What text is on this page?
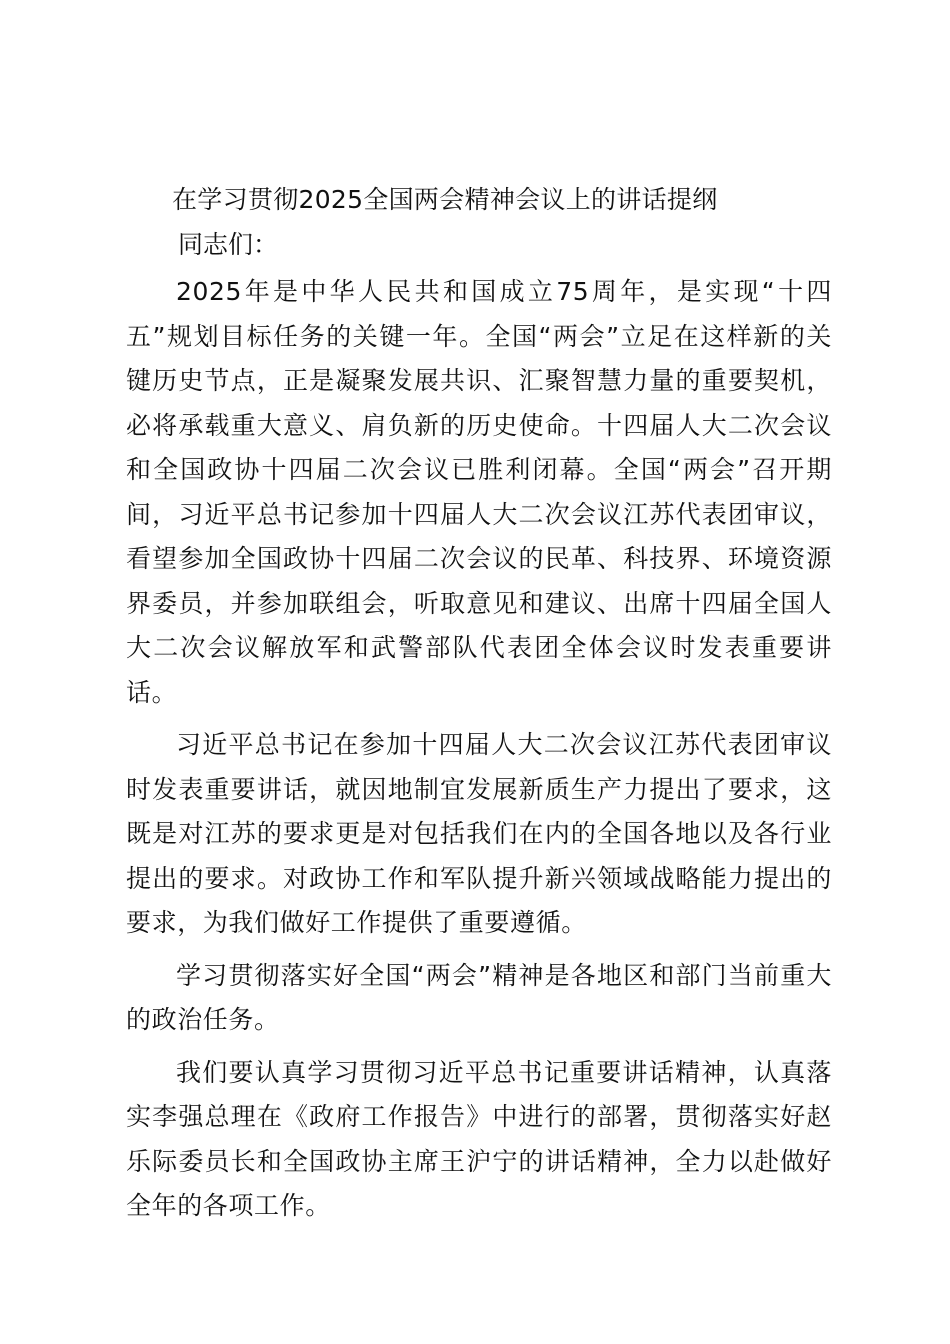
在学习贯彻2025全国两会精神会议上的讲话提纲
同志们：

2025年是中华人民共和国成立75周年，是实现“十四五”规划目标任务的关键一年。全国“两会”立足在这样新的关键历史节点，正是凝聚发展共识、汇聚智慧力量的重要契机，必将承载重大意义、肩负新的历史使命。十四届人大二次会议和全国政协十四届二次会议已胜利闭幕。全国“两会”召开期间，习近平总书记参加十四届人大二次会议江苏代表团审议，看望参加全国政协十四届二次会议的民革、科技界、环境资源界委员，并参加联组会，听取意见和建议、出席十四届全国人大二次会议解放军和武警部队代表团全体会议时发表重要讲话。

习近平总书记在参加十四届人大二次会议江苏代表团审议时发表重要讲话，就因地制宜发展新质生产力提出了要求，这既是对江苏的要求更是对包括我们在内的全国各地以及各行业提出的要求。对政协工作和军队提升新兴领域战略能力提出的要求，为我们做好工作提供了重要遵循。

学习贯彻落实好全国“两会”精神是各地区和部门当前重大的政治任务。

我们要认真学习贯彻习近平总书记重要讲话精神，认真落实李强总理在《政府工作报告》中进行的部署，贯彻落实好赵乐际委员长和全国政协主席王沪宁的讲话精神，全力以赴做好全年的各项工作。
